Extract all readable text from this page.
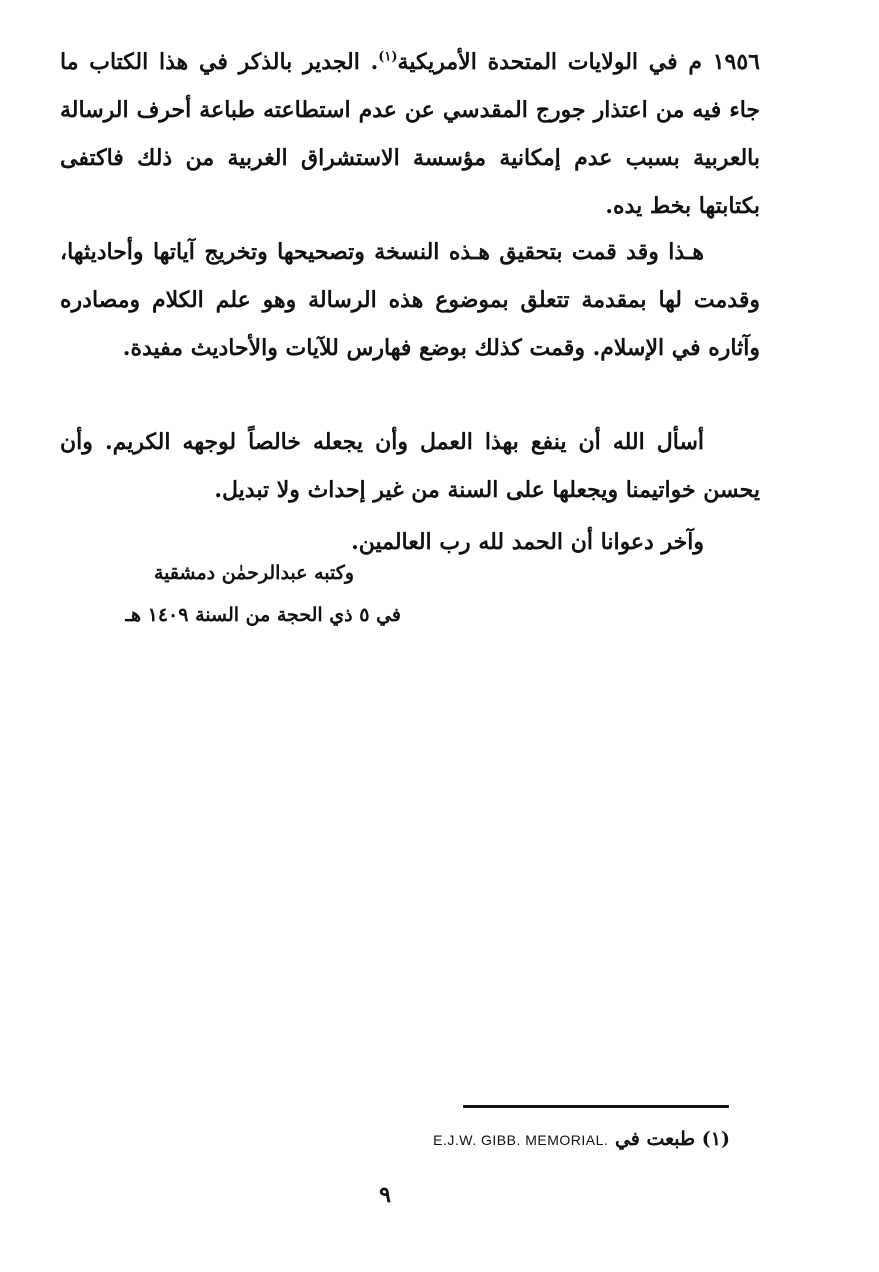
١٩٥٦ م في الولايات المتحدة الأمريكية$^{(١)}$. الجدير بالذكر في هذا الكتاب ما جاء فيه من اعتذار جورج المقدسي عن عدم استطاعته طباعة أحرف الرسالة بالعربية بسبب عدم إمكانية مؤسسة الاستشراق الغربية من ذلك فاكتفى بكتابتها بخط يده.

هـذا وقد قمت بتحقيق هـذه النسخة وتصحيحها وتخريج آياتها وأحاديثها، وقدمت لها بمقدمة تتعلق بموضوع هذه الرسالة وهو علم الكلام ومصادره وآثاره في الإسلام. وقمت كذلك بوضع فهارس للآيات والأحاديث مفيدة.

أسأل الله أن ينفع بهذا العمل وأن يجعله خالصاً لوجهه الكريم. وأن يحسن خواتيمنا ويجعلها على السنة من غير إحداث ولا تبديل.

وآخر دعوانا أن الحمد لله رب العالمين.

وكتبه عبدالرحمٰن دمشقية
في ٥ ذي الحجة من السنة ١٤٠٩ هـ
(١) طبعت في E.J.W. GIBB. MEMORIAL.
٩
